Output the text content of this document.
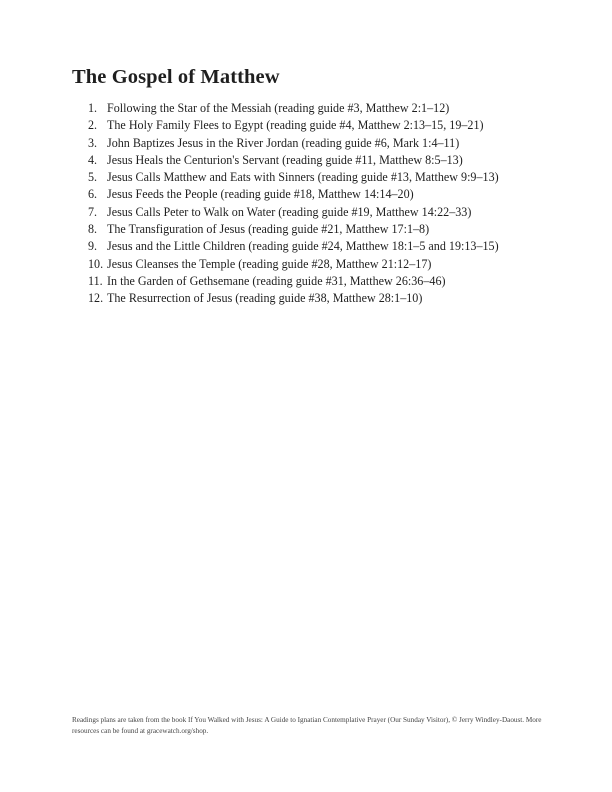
The Gospel of Matthew
1. Following the Star of the Messiah (reading guide #3, Matthew 2:1–12)
2. The Holy Family Flees to Egypt (reading guide #4, Matthew 2:13–15, 19–21)
3. John Baptizes Jesus in the River Jordan (reading guide #6, Mark 1:4–11)
4. Jesus Heals the Centurion's Servant (reading guide #11, Matthew 8:5–13)
5. Jesus Calls Matthew and Eats with Sinners (reading guide #13, Matthew 9:9–13)
6. Jesus Feeds the People (reading guide #18, Matthew 14:14–20)
7. Jesus Calls Peter to Walk on Water (reading guide #19, Matthew 14:22–33)
8. The Transfiguration of Jesus (reading guide #21, Matthew 17:1–8)
9. Jesus and the Little Children (reading guide #24, Matthew 18:1–5 and 19:13–15)
10. Jesus Cleanses the Temple (reading guide #28, Matthew 21:12–17)
11. In the Garden of Gethsemane (reading guide #31, Matthew 26:36–46)
12. The Resurrection of Jesus (reading guide #38, Matthew 28:1–10)

Readings plans are taken from the book If You Walked with Jesus: A Guide to Ignatian Contemplative Prayer (Our Sunday Visitor), © Jerry Windley-Daoust. More resources can be found at gracewatch.org/shop.
